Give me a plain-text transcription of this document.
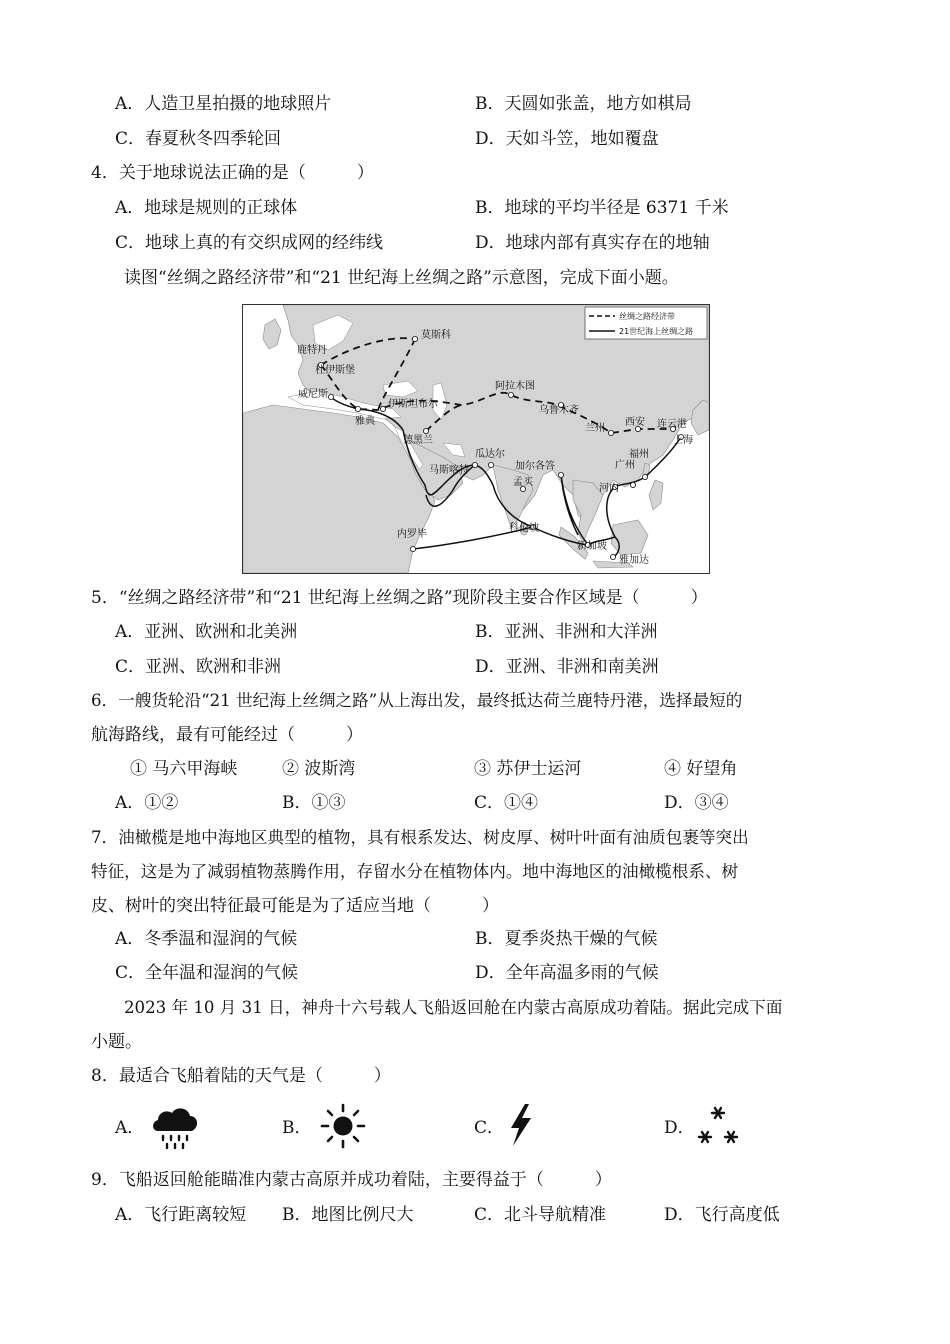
A．人造卫星拍摄的地球照片	B．天圆如张盖，地方如棋局
C．春夏秋冬四季轮回	D．天如斗笠，地如覆盘
4．关于地球说法正确的是（　　　）
A．地球是规则的正球体	B．地球的平均半径是 6371 千米
C．地球上真的有交织成网的经纬线	D．地球内部有真实存在的地轴
读图“丝绸之路经济带”和“21 世纪海上丝绸之路”示意图，完成下面小题。
丝绸之路经济带
21世纪海上丝绸之路
莫斯科
鹿特丹
杜伊斯堡
威尼斯
伊斯坦布尔
雅典
德黑兰
阿拉木图
乌鲁木齐
兰州
西安 连云港
上海
福州
广州
河内
加尔各答
瓜达尔
马斯喀特
孟买
科伦坡
新加坡
雅加达
内罗毕
5．“丝绸之路经济带”和“21 世纪海上丝绸之路”现阶段主要合作区域是（　　　）
A．亚洲、欧洲和北美洲	B．亚洲、非洲和大洋洲
C．亚洲、欧洲和非洲	D．亚洲、非洲和南美洲
6．一艘货轮沿“21 世纪海上丝绸之路”从上海出发，最终抵达荷兰鹿特丹港，选择最短的
航海路线，最有可能经过（　　　）
① 马六甲海峡	② 波斯湾	③ 苏伊士运河	④ 好望角
A．①②	B．①③	C．①④	D．③④
7．油橄榄是地中海地区典型的植物，具有根系发达、树皮厚、树叶叶面有油质包裹等突出
特征，这是为了减弱植物蒸腾作用，存留水分在植物体内。地中海地区的油橄榄根系、树
皮、树叶的突出特征最可能是为了适应当地（　　　）
A．冬季温和湿润的气候	B．夏季炎热干燥的气候
C．全年温和湿润的气候	D．全年高温多雨的气候
2023 年 10 月 31 日，神舟十六号载人飞船返回舱在内蒙古高原成功着陆。据此完成下面
小题。
8．最适合飞船着陆的天气是（　　　）
A．	B．	C．	D．
9．飞船返回舱能瞄准内蒙古高原并成功着陆，主要得益于（　　　）
A．飞行距离较短 B．地图比例尺大	C．北斗导航精准	D．飞行高度低
